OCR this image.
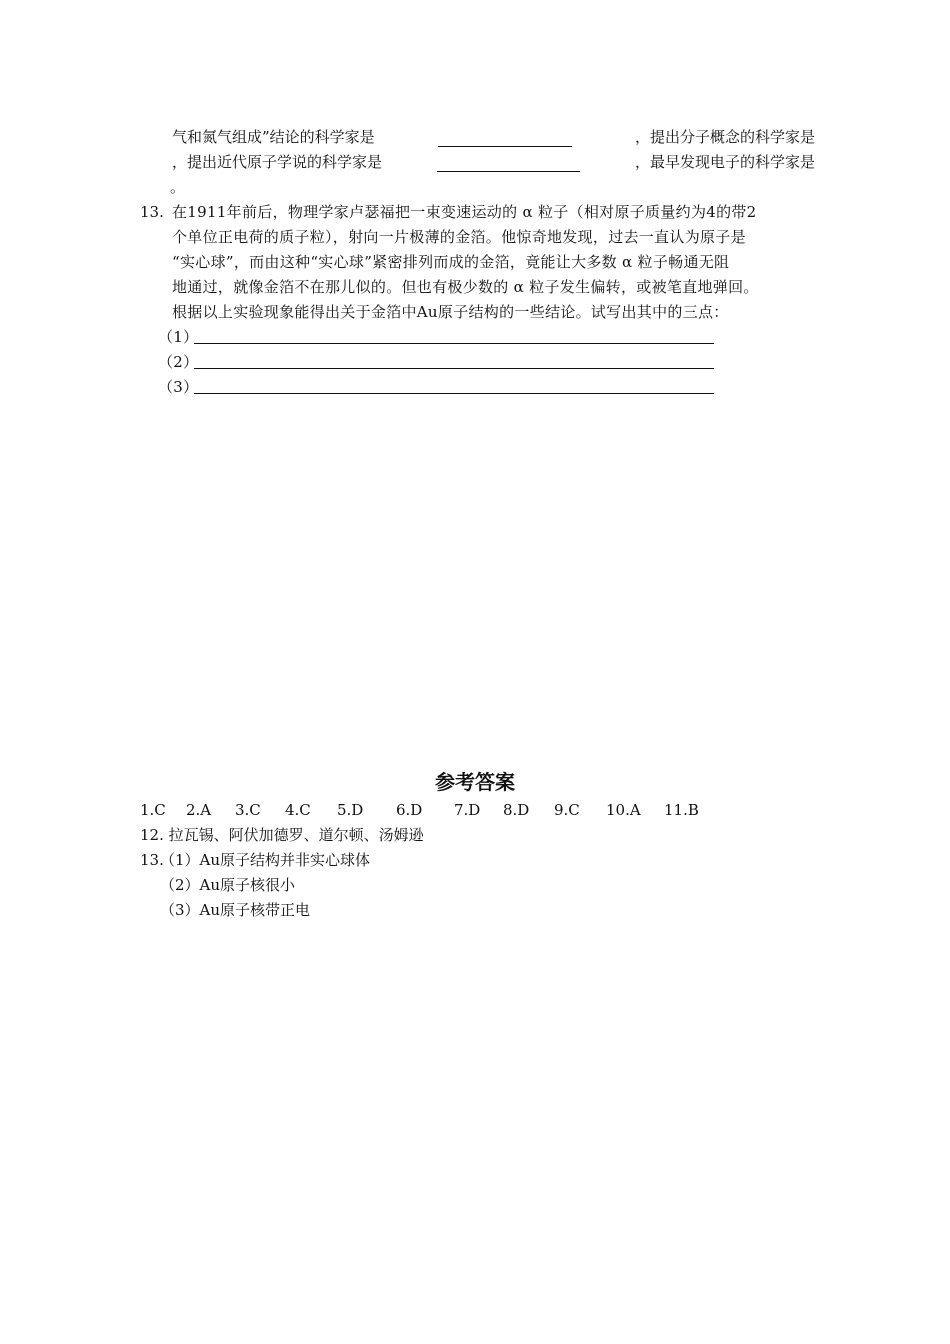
气和氮气组成”结论的科学家是	，提出分子概念的科学家是
，提出近代原子学说的科学家是	，最早发现电子的科学家是
。
13. 在1911年前后，物理学家卢瑟福把一束变速运动的 α 粒子（相对原子质量约为4的带2
个单位正电荷的质子粒），射向一片极薄的金箔。他惊奇地发现，过去一直认为原子是
“实心球”，而由这种“实心球”紧密排列而成的金箔，竟能让大多数 α 粒子畅通无阻
地通过，就像金箔不在那儿似的。但也有极少数的 α 粒子发生偏转，或被笔直地弹回。
根据以上实验现象能得出关于金箔中Au原子结构的一些结论。试写出其中的三点：
（1）
（2）
（3）
参考答案
1.C 2.A 3.C 4.C 5.D 6.D 7.D 8.D 9.C 10.A 11.B
12. 拉瓦锡、阿伏加德罗、道尔顿、汤姆逊
13.
（1）Au原子结构并非实心球体
（2）Au原子核很小
（3）Au原子核带正电
